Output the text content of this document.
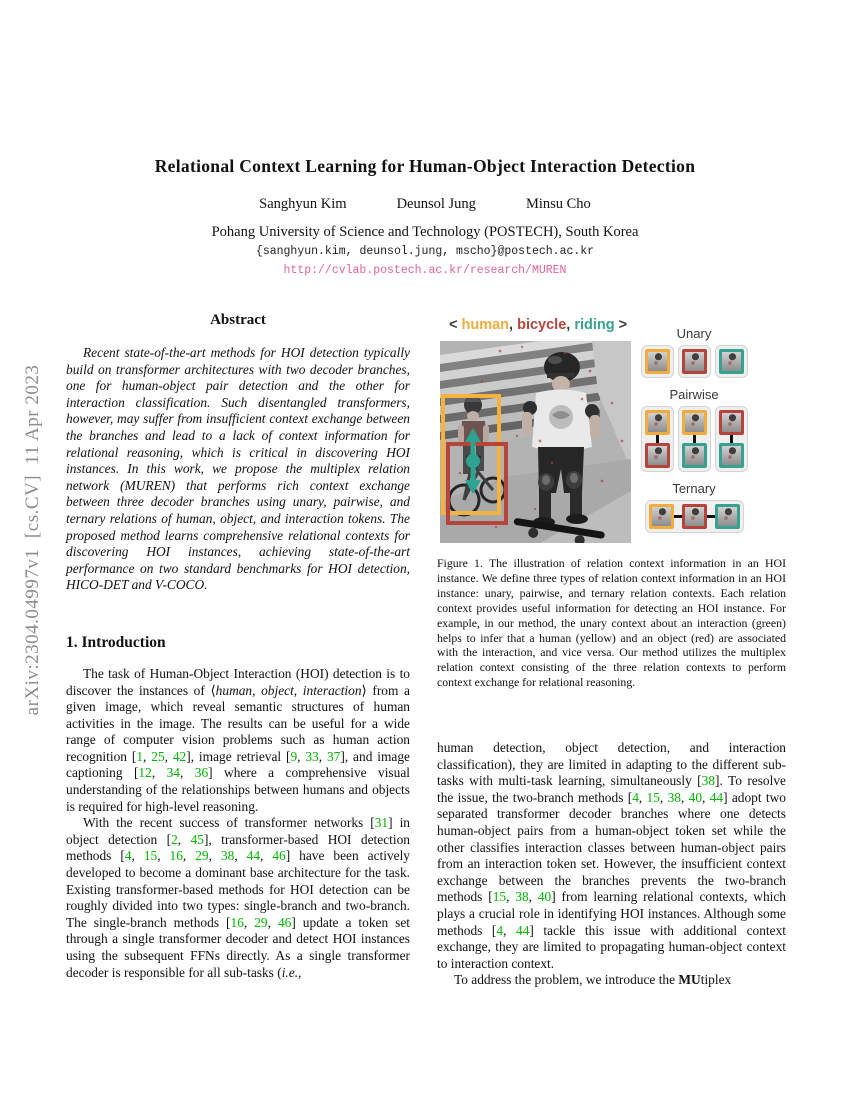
arXiv:2304.04997v1  [cs.CV]  11 Apr 2023
Relational Context Learning for Human-Object Interaction Detection
Sanghyun Kim	Deunsol Jung	Minsu Cho
Pohang University of Science and Technology (POSTECH), South Korea
{sanghyun.kim, deunsol.jung, mscho}@postech.ac.kr
http://cvlab.postech.ac.kr/research/MUREN
Abstract

Recent state-of-the-art methods for HOI detection typically build on transformer architectures with two decoder branches, one for human-object pair detection and the other for interaction classification. Such disentangled transformers, however, may suffer from insufficient context exchange between the branches and lead to a lack of context information for relational reasoning, which is critical in discovering HOI instances. In this work, we propose the multiplex relation network (MUREN) that performs rich context exchange between three decoder branches using unary, pairwise, and ternary relations of human, object, and interaction tokens. The proposed method learns comprehensive relational contexts for discovering HOI instances, achieving state-of-the-art performance on two standard benchmarks for HOI detection, HICO-DET and V-COCO.

1. Introduction

The task of Human-Object Interaction (HOI) detection is to discover the instances of ⟨human, object, interaction⟩ from a given image, which reveal semantic structures of human activities in the image. The results can be useful for a wide range of computer vision problems such as human action recognition [1, 25, 42], image retrieval [9, 33, 37], and image captioning [12, 34, 36] where a comprehensive visual understanding of the relationships between humans and objects is required for high-level reasoning.

With the recent success of transformer networks [31] in object detection [2, 45], transformer-based HOI detection methods [4, 15, 16, 29, 38, 44, 46] have been actively developed to become a dominant base architecture for the task. Existing transformer-based methods for HOI detection can be roughly divided into two types: single-branch and two-branch. The single-branch methods [16, 29, 46] update a token set through a single transformer decoder and detect HOI instances using the subsequent FFNs directly. As a single transformer decoder is responsible for all sub-tasks (i.e.,

< human, bicycle, riding >
Unary
Pairwise
Ternary

Figure 1. The illustration of relation context information in an HOI instance. We define three types of relation context information in an HOI instance: unary, pairwise, and ternary relation contexts. Each relation context provides useful information for detecting an HOI instance. For example, in our method, the unary context about an interaction (green) helps to infer that a human (yellow) and an object (red) are associated with the interaction, and vice versa. Our method utilizes the multiplex relation context consisting of the three relation contexts to perform context exchange for relational reasoning.

human detection, object detection, and interaction classification), they are limited in adapting to the different sub-tasks with multi-task learning, simultaneously [38]. To resolve the issue, the two-branch methods [4, 15, 38, 40, 44] adopt two separated transformer decoder branches where one detects human-object pairs from a human-object token set while the other classifies interaction classes between human-object pairs from an interaction token set. However, the insufficient context exchange between the branches prevents the two-branch methods [15, 38, 40] from learning relational contexts, which plays a crucial role in identifying HOI instances. Although some methods [4, 44] tackle this issue with additional context exchange, they are limited to propagating human-object context to interaction context.

To address the problem, we introduce the MUtiplex
